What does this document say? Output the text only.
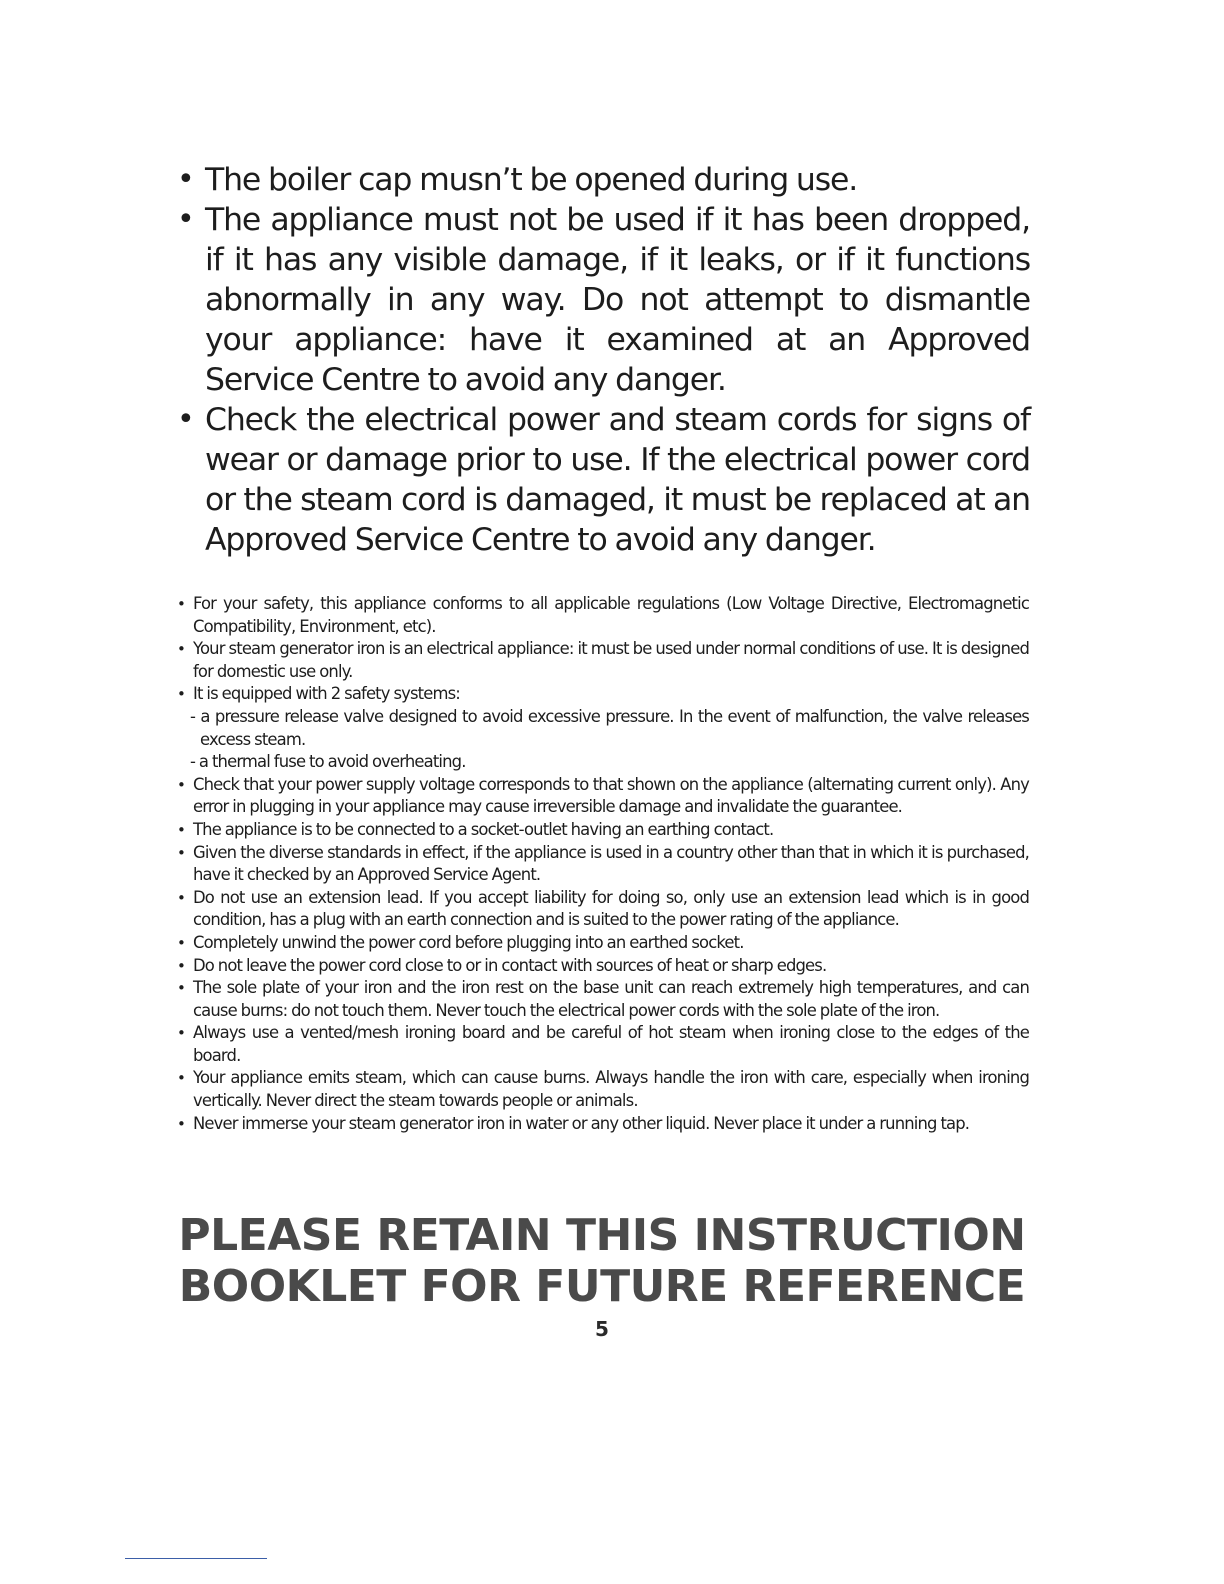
• The boiler cap musn’t be opened during use.
• The appliance must not be used if it has been dropped, if it has any visible damage, if it leaks, or if it functions abnormally in any way. Do not attempt to dismantle your appliance: have it examined at an Approved Service Centre to avoid any danger.
• Check the electrical power and steam cords for signs of wear or damage prior to use. If the electrical power cord or the steam cord is damaged, it must be replaced at an Approved Service Centre to avoid any danger.
• For your safety, this appliance conforms to all applicable regulations (Low Voltage Directive, Electromagnetic Compatibility, Environment, etc).
• Your steam generator iron is an electrical appliance: it must be used under normal conditions of use. It is designed for domestic use only.
• It is equipped with 2 safety systems:
- a pressure release valve designed to avoid excessive pressure. In the event of malfunction, the valve releases excess steam.
- a thermal fuse to avoid overheating.
• Check that your power supply voltage corresponds to that shown on the appliance (alternating current only). Any error in plugging in your appliance may cause irreversible damage and invalidate the guarantee.
• The appliance is to be connected to a socket-outlet having an earthing contact.
• Given the diverse standards in effect, if the appliance is used in a country other than that in which it is purchased, have it checked by an Approved Service Agent.
• Do not use an extension lead. If you accept liability for doing so, only use an extension lead which is in good condition, has a plug with an earth connection and is suited to the power rating of the appliance.
• Completely unwind the power cord before plugging into an earthed socket.
• Do not leave the power cord close to or in contact with sources of heat or sharp edges.
• The sole plate of your iron and the iron rest on the base unit can reach extremely high temperatures, and can cause burns: do not touch them. Never touch the electrical power cords with the sole plate of the iron.
• Always use a vented/mesh ironing board and be careful of hot steam when ironing close to the edges of the board.
• Your appliance emits steam, which can cause burns. Always handle the iron with care, especially when ironing vertically. Never direct the steam towards people or animals.
• Never immerse your steam generator iron in water or any other liquid. Never place it under a running tap.
PLEASE RETAIN THIS INSTRUCTION
BOOKLET FOR FUTURE REFERENCE
5
